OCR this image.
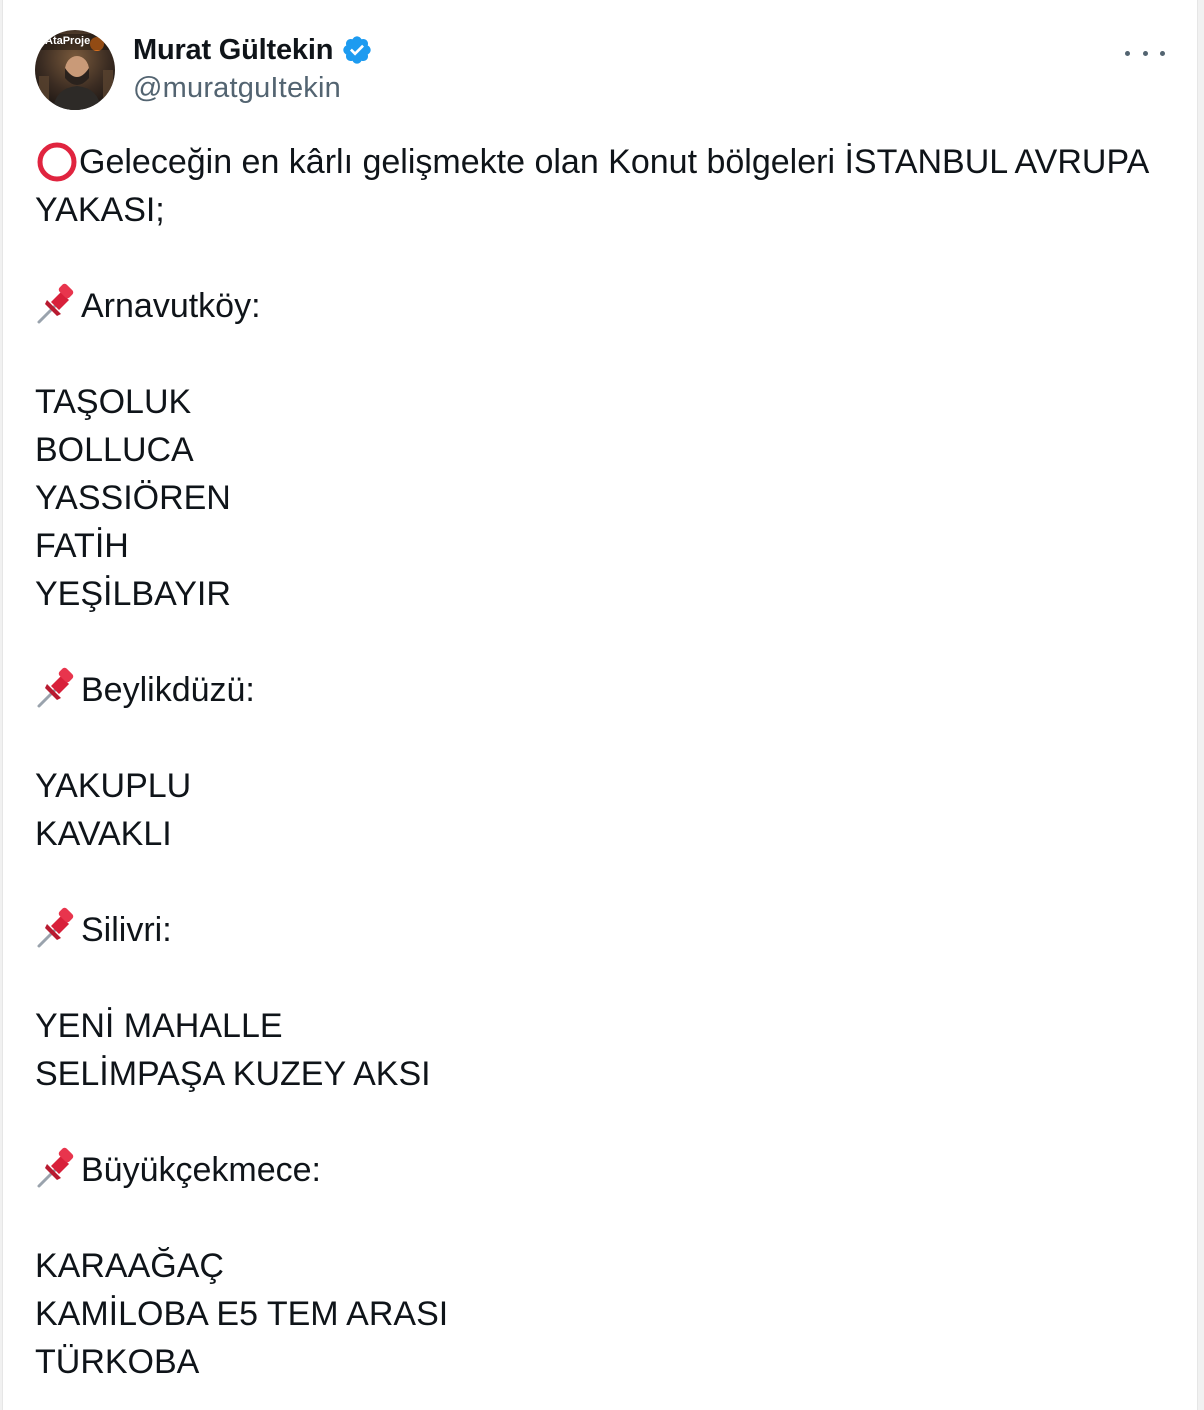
AtaProje Murat Gültekin
@muratguItekin
Geleceğin en kârlı gelişmekte olan Konut bölgeleri İSTANBUL AVRUPA
YAKASI;
Arnavutköy:
TAŞOLUK
BOLLUCA
YASSIÖREN
FATİH
YEŞİLBAYIR
Beylikdüzü:
YAKUPLU
KAVAKLI
Silivri:
YENİ MAHALLE
SELİMPAŞA KUZEY AKSI
Büyükçekmece:
KARAAĞAÇ
KAMİLOBA E5 TEM ARASI
TÜRKOBA
